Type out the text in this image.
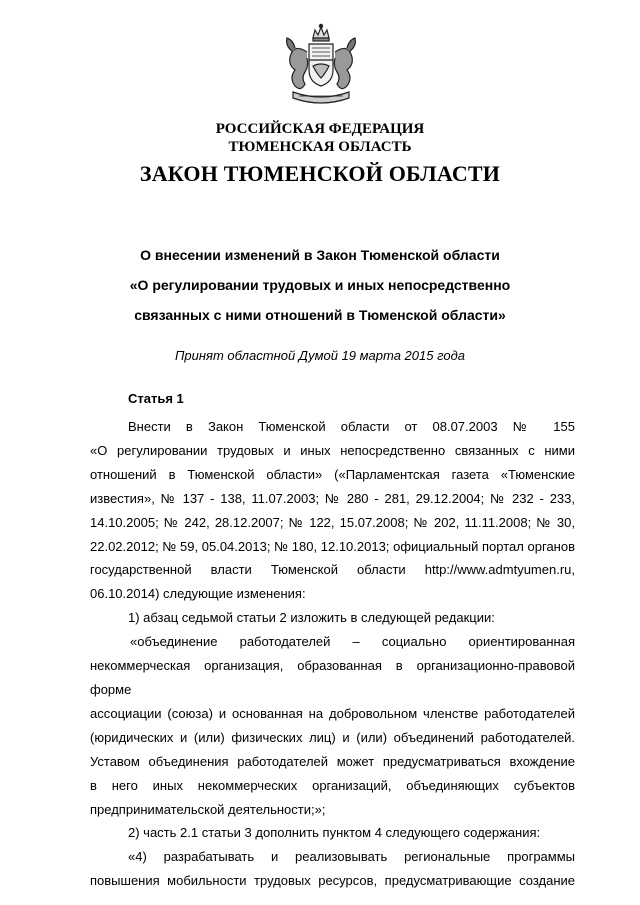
РОССИЙСКАЯ ФЕДЕРАЦИЯ
ТЮМЕНСКАЯ ОБЛАСТЬ
ЗАКОН ТЮМЕНСКОЙ ОБЛАСТИ
О внесении изменений в Закон Тюменской области
«О регулировании трудовых и иных непосредственно
связанных с ними отношений в Тюменской области»
Принят областной Думой 19 марта 2015 года
Статья 1

Внести в Закон Тюменской области от 08.07.2003 № 155

«О регулировании трудовых и иных непосредственно связанных с ними

отношений в Тюменской области» («Парламентская газета «Тюменские

известия», № 137 - 138, 11.07.2003; № 280 - 281, 29.12.2004; № 232 - 233,

14.10.2005; № 242, 28.12.2007; № 122, 15.07.2008; № 202, 11.11.2008; № 30,

22.02.2012; № 59, 05.04.2013; № 180, 12.10.2013; официальный портал органов

государственной власти Тюменской области http://www.admtyumen.ru,

06.10.2014) следующие изменения:

1) абзац седьмой статьи 2 изложить в следующей редакции:

«объединение работодателей – социально ориентированная

некоммерческая организация, образованная в организационно-правовой форме

ассоциации (союза) и основанная на добровольном членстве работодателей

(юридических и (или) физических лиц) и (или) объединений работодателей.

Уставом объединения работодателей может предусматриваться вхождение

в него иных некоммерческих организаций, объединяющих субъектов

предпринимательской деятельности;»;

2) часть 2.1 статьи 3 дополнить пунктом 4 следующего содержания:

«4) разрабатывать и реализовывать региональные программы

повышения мобильности трудовых ресурсов, предусматривающие создание
